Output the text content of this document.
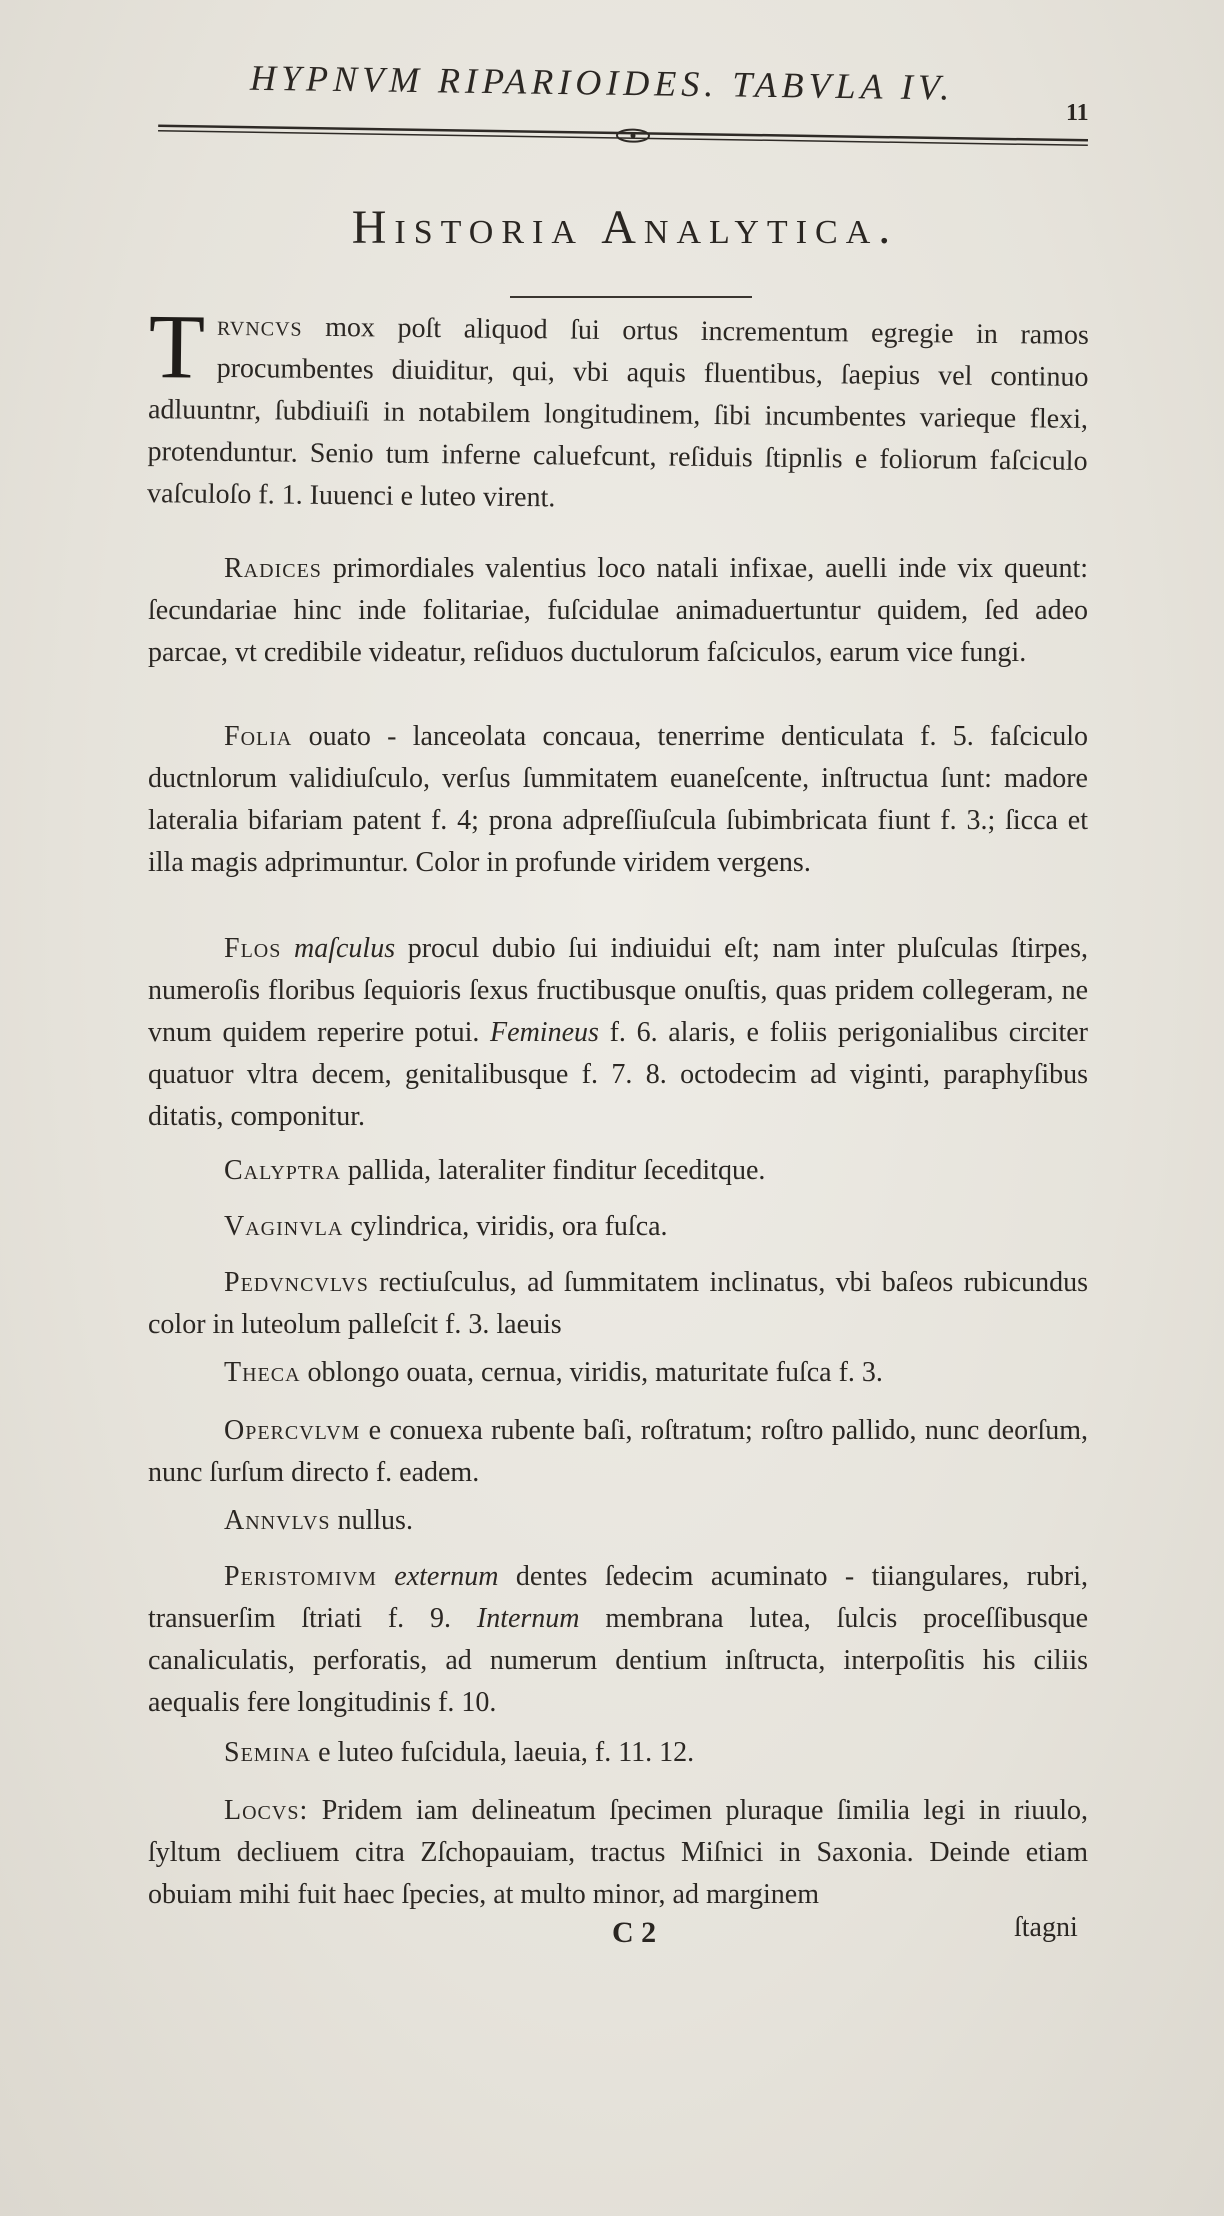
HYPNVM RIPARIOIDES. TABVLA IV.
11
Historia Analytica.
Trvncvs mox poſt aliquod ſui ortus incrementum egregie in ramos procumbentes diuiditur, qui, vbi aquis fluentibus, ſaepius vel continuo adluuntnr, ſubdiuiſi in notabilem longitudinem, ſibi incumbentes varieque flexi, protenduntur. Senio tum inferne caluefcunt, reſiduis ſtipnlis e foliorum faſciculo vaſculoſo f. 1. Iuuenci e luteo virent.
Radices primordiales valentius loco natali infixae, auelli inde vix queunt: ſecundariae hinc inde folitariae, fuſcidulae animaduertuntur quidem, ſed adeo parcae, vt credibile videatur, reſiduos ductulorum faſciculos, earum vice fungi.
Folia ouato - lanceolata concaua, tenerrime denticulata f. 5. faſciculo ductnlorum validiuſculo, verſus ſummitatem euaneſcente, inſtructua ſunt: madore lateralia bifariam patent f. 4; prona adpreſſiuſcula ſubimbricata fiunt f. 3.; ſicca et illa magis adprimuntur. Color in profunde viridem vergens.
Flos maſculus procul dubio ſui indiuidui eſt; nam inter pluſculas ſtirpes, numeroſis floribus ſequioris ſexus fructibusque onuſtis, quas pridem collegeram, ne vnum quidem reperire potui. Femineus f. 6. alaris, e foliis perigonialibus circiter quatuor vltra decem, genitalibusque f. 7. 8. octodecim ad viginti, paraphyſibus ditatis, componitur.
Calyptra pallida, lateraliter finditur ſeceditque.
Vaginvla cylindrica, viridis, ora fuſca.
Pedvncvlvs rectiuſculus, ad ſummitatem inclinatus, vbi baſeos rubicundus color in luteolum palleſcit f. 3. laeuis
Theca oblongo ouata, cernua, viridis, maturitate fuſca f. 3.
Opercvlvm e conuexa rubente baſi, roſtratum; roſtro pallido, nunc deorſum, nunc ſurſum directo f. eadem.
Annvlvs nullus.
Peristomivm externum dentes ſedecim acuminato - tiiangulares, rubri, transuerſim ſtriati f. 9. Internum membrana lutea, ſulcis proceſſibusque canaliculatis, perforatis, ad numerum dentium inſtructa, interpoſitis his ciliis aequalis fere longitudinis f. 10.
Semina e luteo fuſcidula, laeuia, f. 11. 12.
Locvs: Pridem iam delineatum ſpecimen pluraque ſimilia legi in riuulo, ſyltum decliuem citra Zſchopauiam, tractus Miſnici in Saxonia. Deinde etiam obuiam mihi fuit haec ſpecies, at multo minor, ad marginem
C 2	ſtagni
